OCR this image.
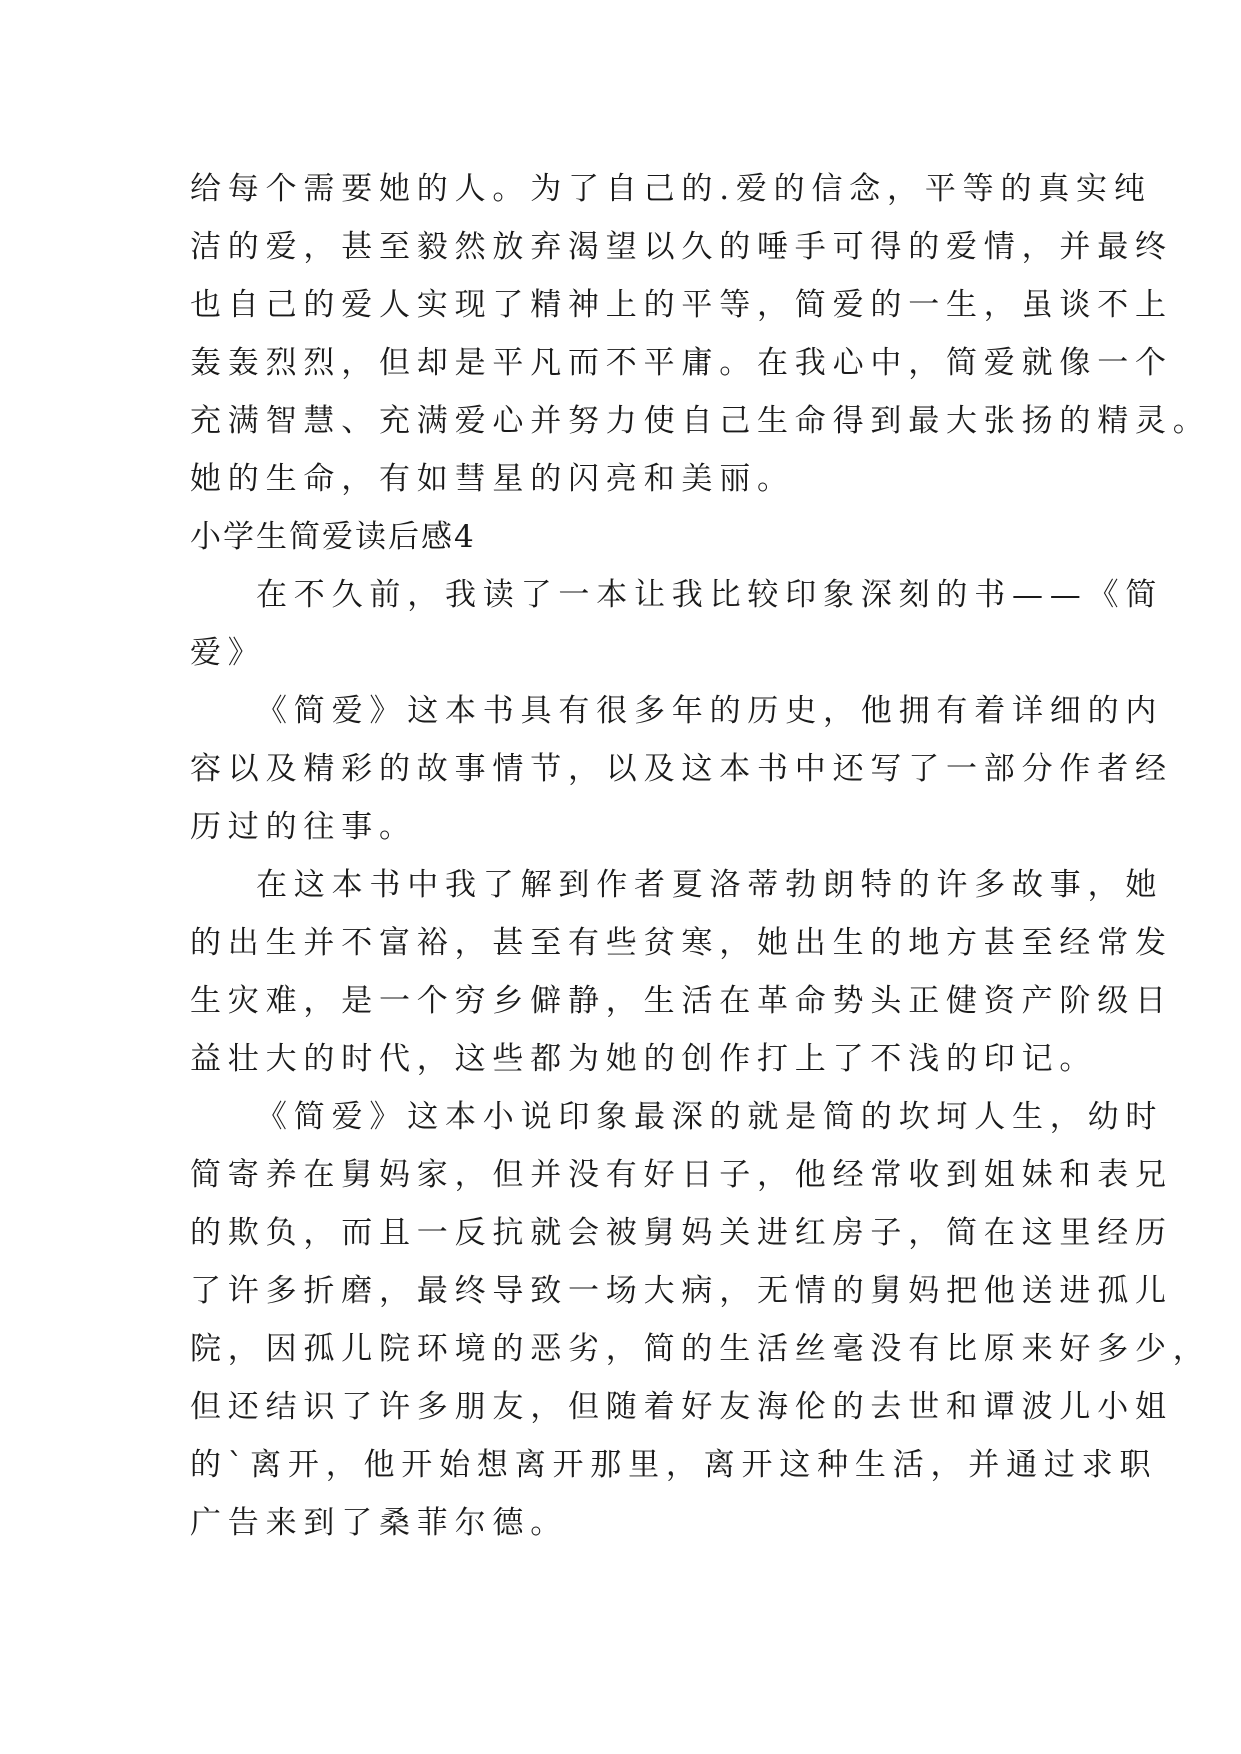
给每个需要她的人。为了自己的.爱的信念，平等的真实纯
洁的爱，甚至毅然放弃渴望以久的唾手可得的爱情，并最终
也自己的爱人实现了精神上的平等，简爱的一生，虽谈不上
轰轰烈烈，但却是平凡而不平庸。在我心中，简爱就像一个
充满智慧、充满爱心并努力使自己生命得到最大张扬的精灵。
她的生命，有如彗星的闪亮和美丽。
小学生简爱读后感4
在不久前，我读了一本让我比较印象深刻的书——《简
爱》
《简爱》这本书具有很多年的历史，他拥有着详细的内
容以及精彩的故事情节，以及这本书中还写了一部分作者经
历过的往事。
在这本书中我了解到作者夏洛蒂勃朗特的许多故事，她
的出生并不富裕，甚至有些贫寒，她出生的地方甚至经常发
生灾难，是一个穷乡僻静，生活在革命势头正健资产阶级日
益壮大的时代，这些都为她的创作打上了不浅的印记。
《简爱》这本小说印象最深的就是简的坎坷人生，幼时
简寄养在舅妈家，但并没有好日子，他经常收到姐妹和表兄
的欺负，而且一反抗就会被舅妈关进红房子，简在这里经历
了许多折磨，最终导致一场大病，无情的舅妈把他送进孤儿
院，因孤儿院环境的恶劣，简的生活丝毫没有比原来好多少，
但还结识了许多朋友，但随着好友海伦的去世和谭波儿小姐
的`离开，他开始想离开那里，离开这种生活，并通过求职
广告来到了桑菲尔德。
